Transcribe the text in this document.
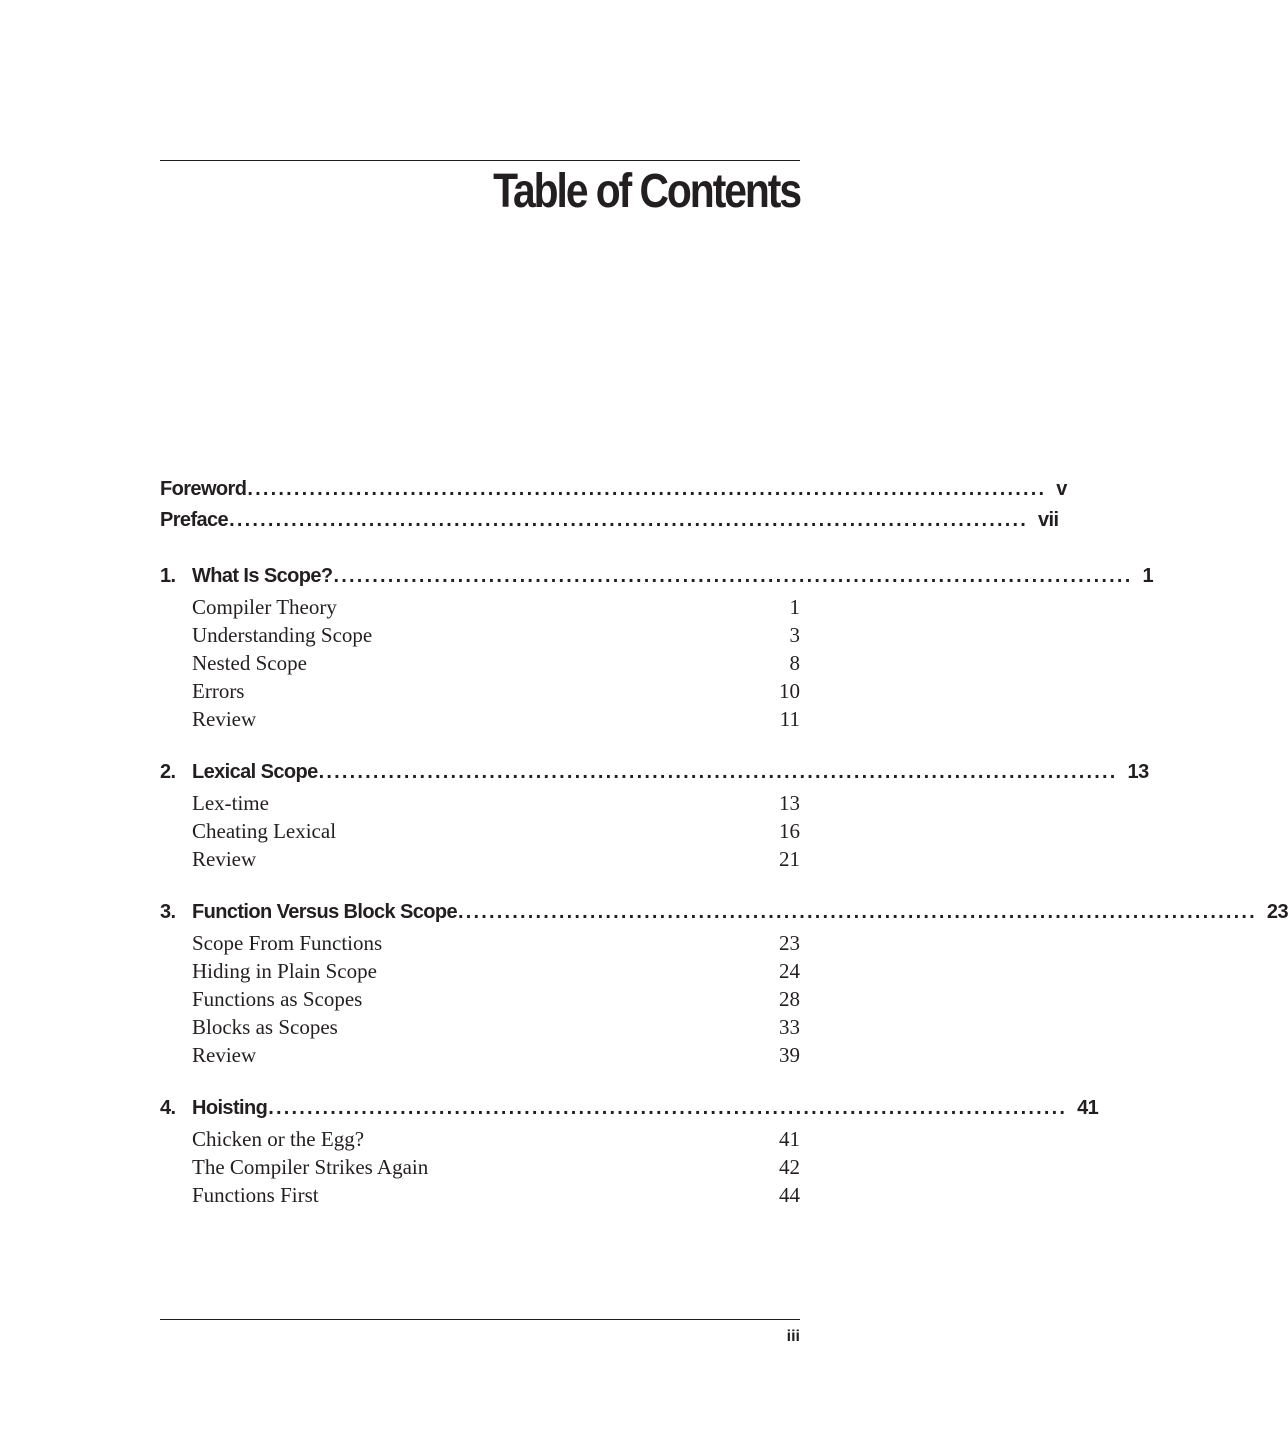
Table of Contents
Foreword ....................................................................................................... v
Preface ....................................................................................................... vii
1. What Is Scope? ....................................................................................................... 1
Compiler Theory	1
Understanding Scope	3
Nested Scope	8
Errors	10
Review	11
2. Lexical Scope ....................................................................................................... 13
Lex-time	13
Cheating Lexical	16
Review	21
3. Function Versus Block Scope ....................................................................................................... 23
Scope From Functions	23
Hiding in Plain Scope	24
Functions as Scopes	28
Blocks as Scopes	33
Review	39
4. Hoisting ....................................................................................................... 41
Chicken or the Egg?	41
The Compiler Strikes Again	42
Functions First	44
iii
